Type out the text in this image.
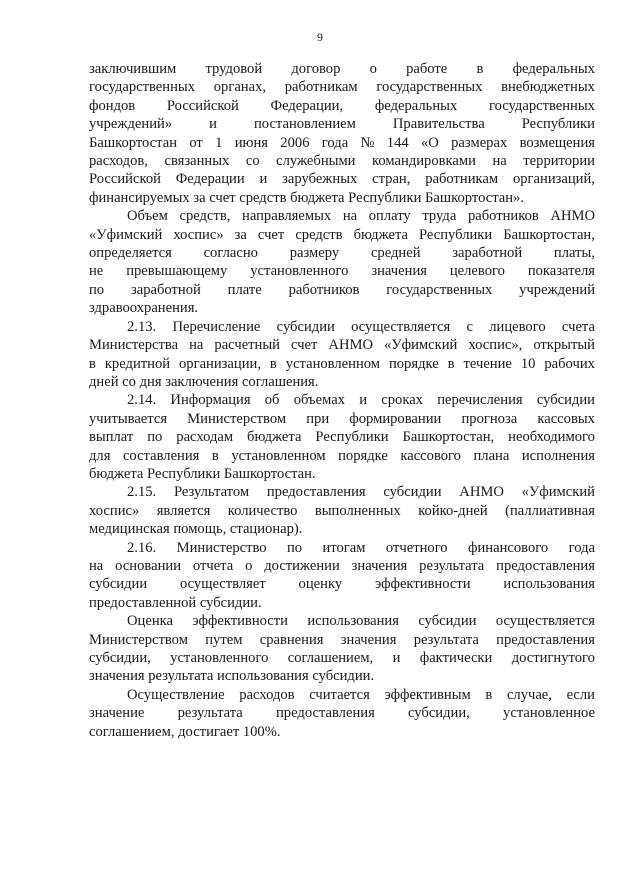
9
заключившим трудовой договор о работе в федеральных
государственных органах, работникам государственных внебюджетных
фондов Российской Федерации, федеральных государственных
учреждений»	и	постановлением	Правительства	Республики
Башкортостан от 1 июня 2006 года № 144 «О размерах возмещения
расходов, связанных со служебными командировками на территории
Российской Федерации и зарубежных стран, работникам организаций,
финансируемых за счет средств бюджета Республики Башкортостан».
Объем средств, направляемых на оплату труда работников АНМО
«Уфимский хоспис» за счет средств бюджета Республики Башкортостан,
определяется согласно размеру средней заработной платы,
не превышающему установленного значения целевого показателя
по заработной плате работников государственных учреждений
здравоохранения.
2.13. Перечисление субсидии осуществляется с лицевого счета
Министерства на расчетный счет АНМО «Уфимский хоспис», открытый
в кредитной организации, в установленном порядке в течение 10 рабочих
дней со дня заключения соглашения.
2.14. Информация об объемах и сроках перечисления субсидии
учитывается Министерством при формировании прогноза кассовых
выплат по расходам бюджета Республики Башкортостан, необходимого
для составления в установленном порядке кассового плана исполнения
бюджета Республики Башкортостан.
2.15. Результатом предоставления субсидии АНМО «Уфимский
хоспис» является количество выполненных койко-дней (паллиативная
медицинская помощь, стационар).
2.16. Министерство по итогам отчетного финансового года
на основании отчета о достижении значения результата предоставления
субсидии осуществляет оценку эффективности использования
предоставленной субсидии.
Оценка эффективности использования субсидии осуществляется
Министерством путем сравнения значения результата предоставления
субсидии, установленного соглашением, и фактически достигнутого
значения результата использования субсидии.
Осуществление расходов считается эффективным в случае, если
значение результата предоставления субсидии, установленное
соглашением, достигает 100%.
